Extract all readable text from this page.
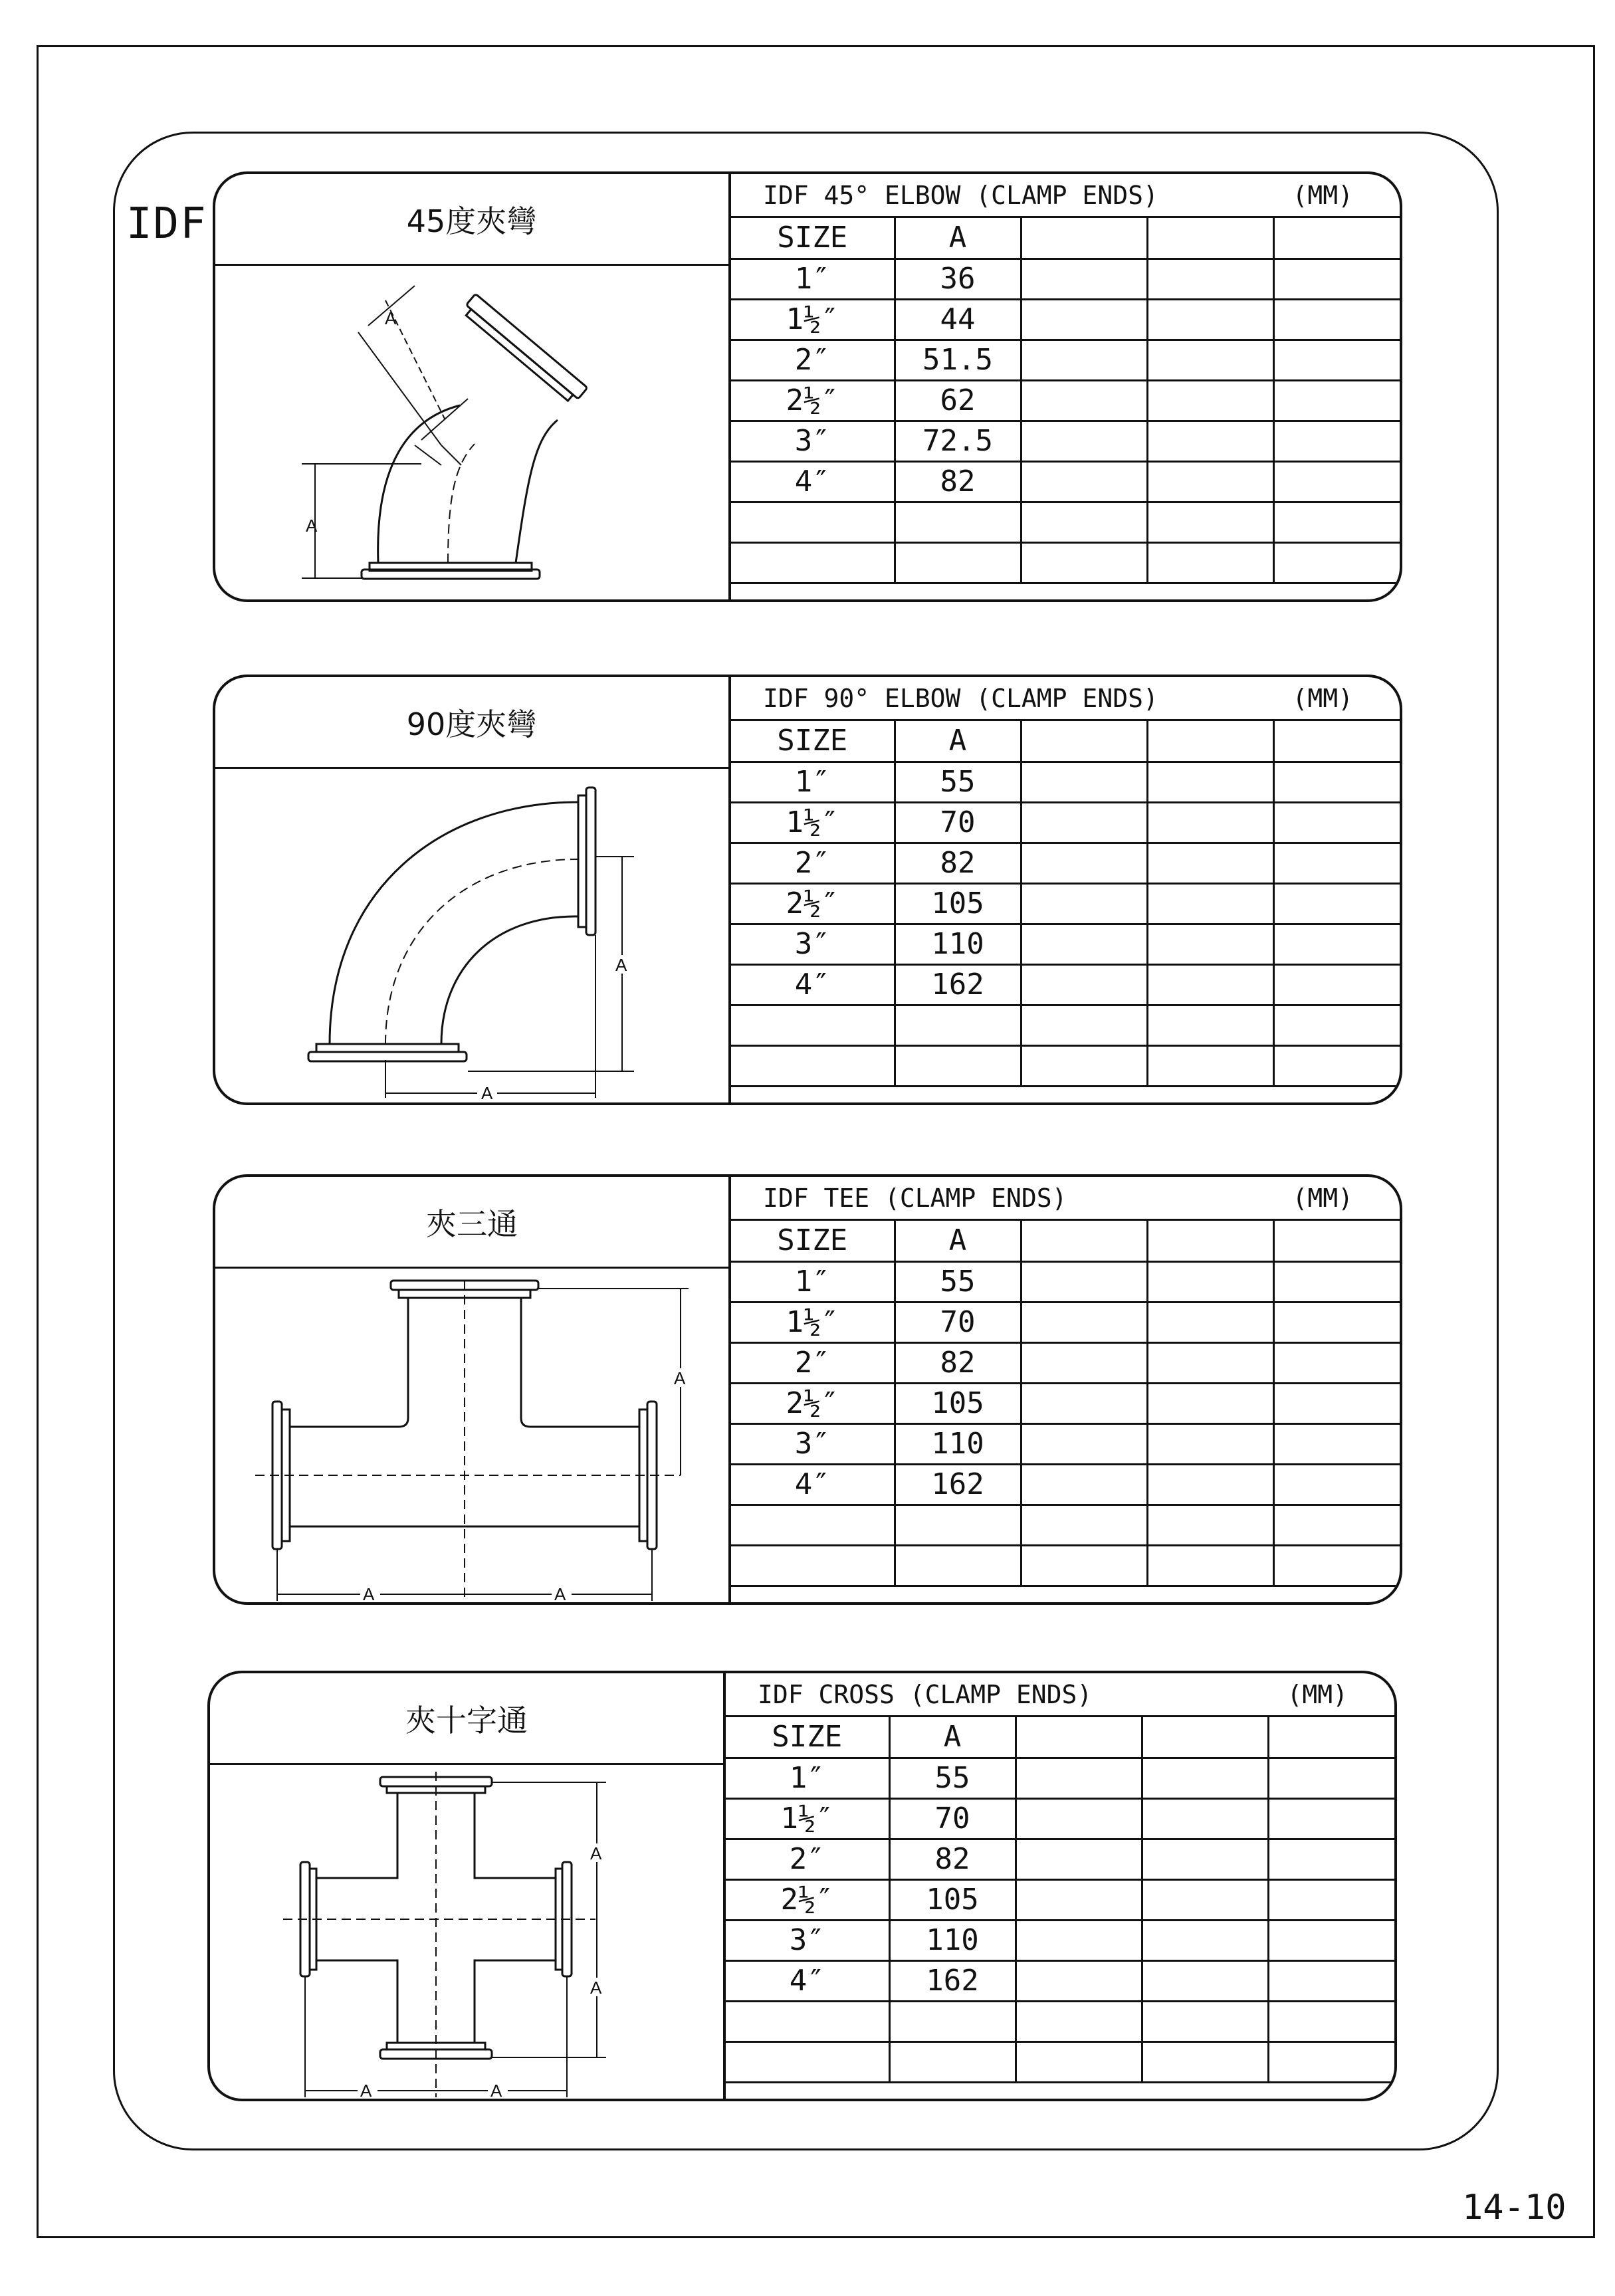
IDF	45度夾彎
A
A
IDF 45° ELBOW (CLAMP ENDS)	(MM)
SIZE	A			
1″	36			
1½″	44			
2″	51.5			
2½″	62			
3″	72.5			
4″	82			

90度夾彎
A
A
IDF 90° ELBOW (CLAMP ENDS)	(MM)
SIZE	A			
1″	55			
1½″	70			
2″	82			
2½″	105			
3″	110			
4″	162			

夾三通
A	A
A
IDF TEE (CLAMP ENDS)	(MM)
SIZE	A			
1″	55			
1½″	70			
2″	82			
2½″	105			
3″	110			
4″	162			

夾十字通
A	A
A
A
IDF CROSS (CLAMP ENDS)	(MM)
SIZE	A			
1″	55			
1½″	70			
2″	82			
2½″	105			
3″	110			
4″	162			

14-10
